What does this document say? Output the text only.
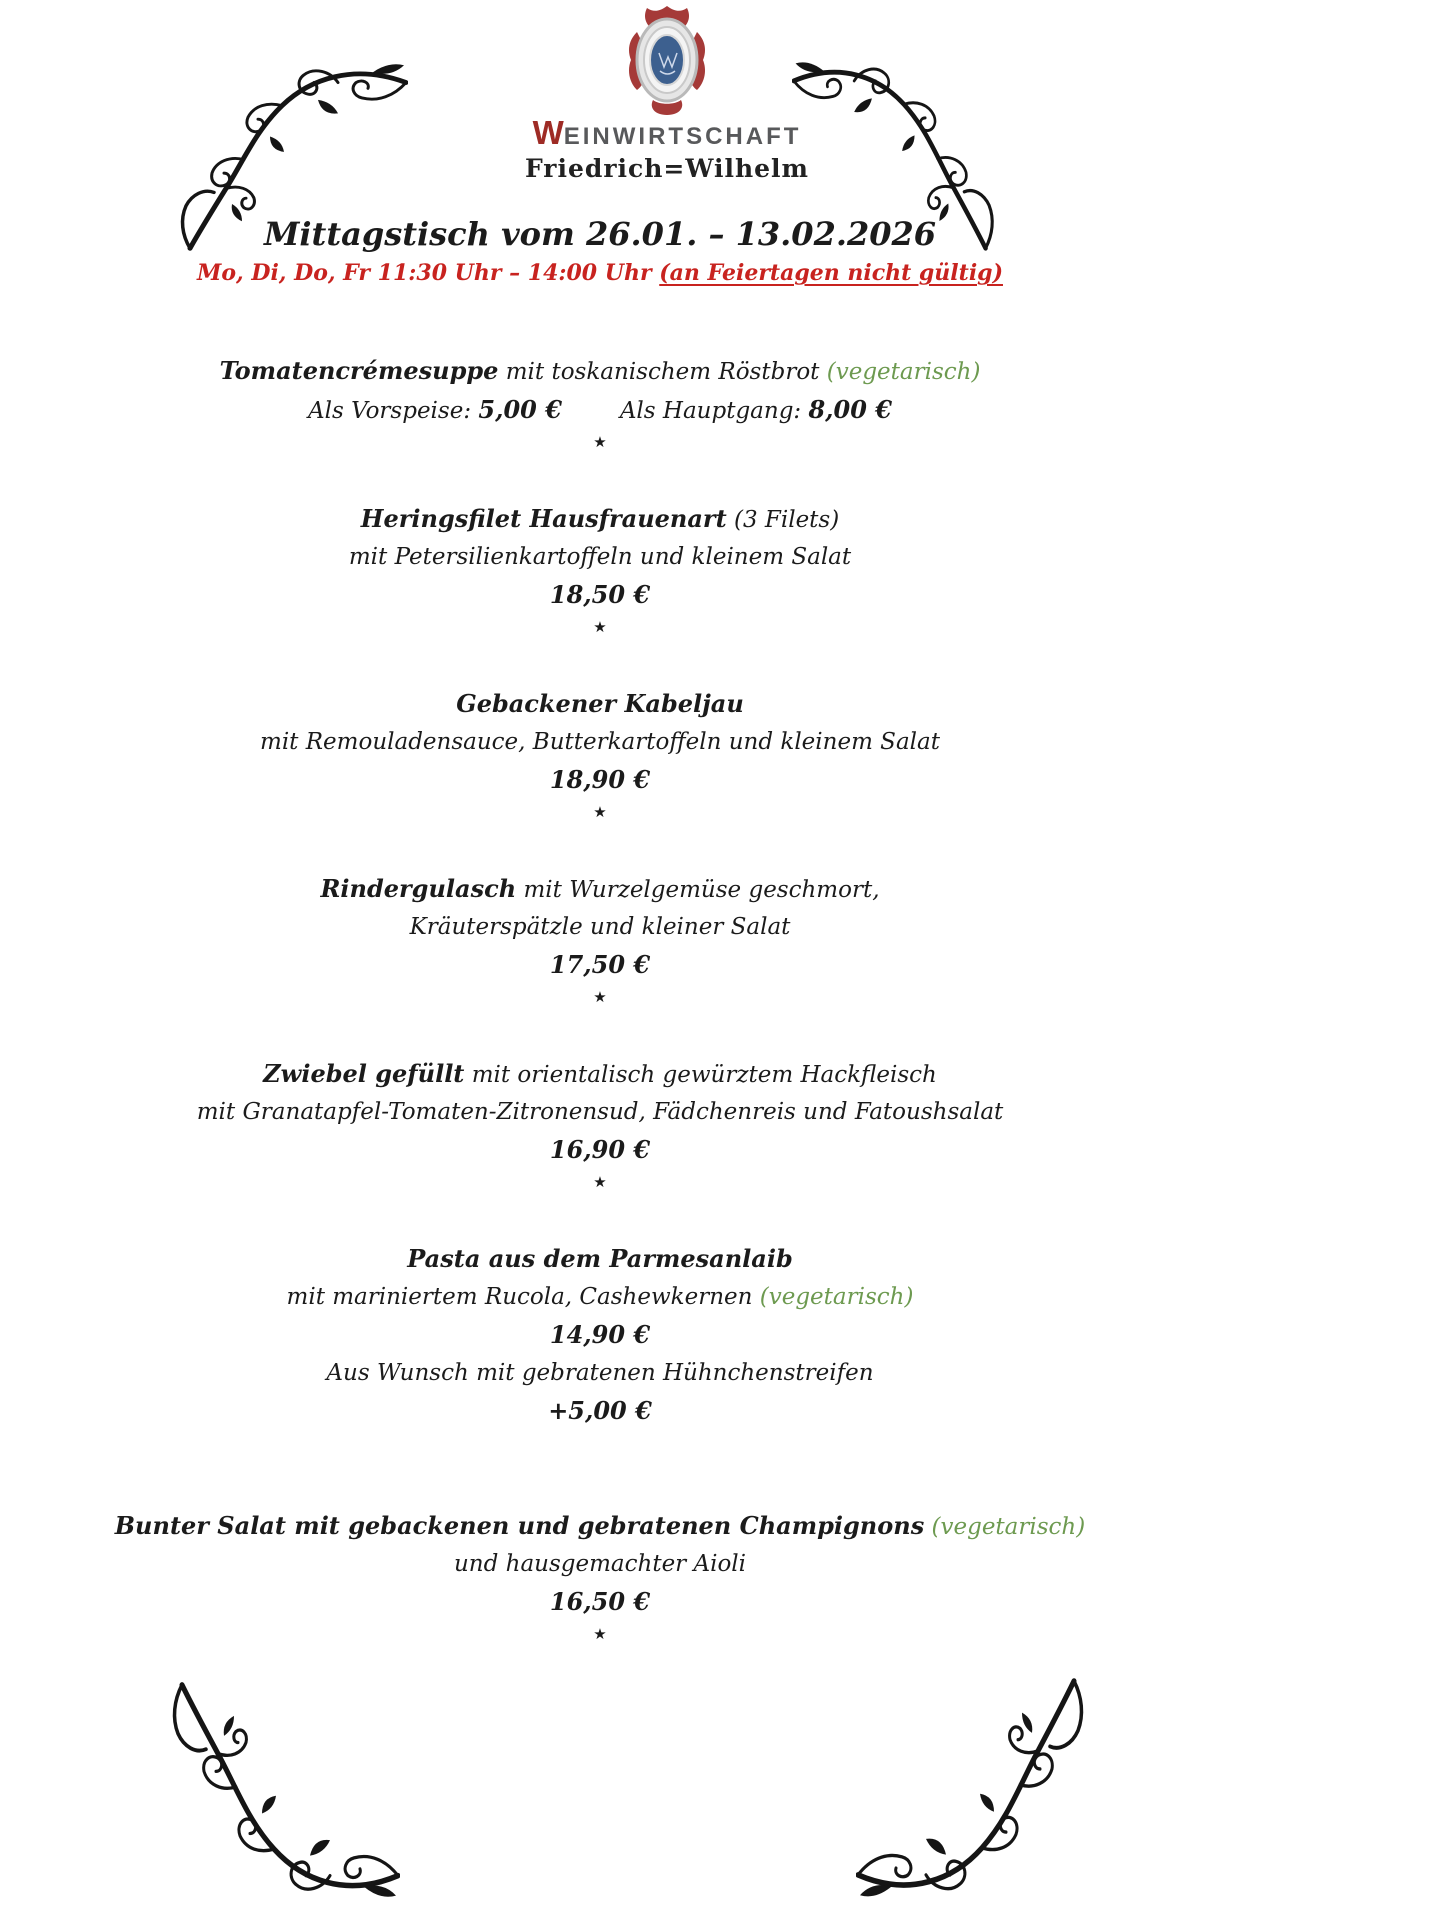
WEINWIRTSCHAFT
Friedrich=Wilhelm
Mittagstisch vom 26.01. – 13.02.2026

Mo, Di, Do, Fr 11:30 Uhr – 14:00 Uhr (an Feiertagen nicht gültig)

Tomatencrémesuppe mit toskanischem Röstbrot (vegetarisch)

Als Vorspeise: 5,00 €	Als Hauptgang: 8,00 €

★

Heringsfilet Hausfrauenart (3 Filets)

mit Petersilienkartoffeln und kleinem Salat

18,50 €

★

Gebackener Kabeljau

mit Remouladensauce, Butterkartoffeln und kleinem Salat

18,90 €

★

Rindergulasch mit Wurzelgemüse geschmort,

Kräuterspätzle und kleiner Salat

17,50 €

★

Zwiebel gefüllt mit orientalisch gewürztem Hackfleisch

mit Granatapfel-Tomaten-Zitronensud, Fädchenreis und Fatoushsalat

16,90 €

★

Pasta aus dem Parmesanlaib

mit mariniertem Rucola, Cashewkernen (vegetarisch)

14,90 €

Aus Wunsch mit gebratenen Hühnchenstreifen

+5,00 €

Bunter Salat mit gebackenen und gebratenen Champignons (vegetarisch)

und hausgemachter Aioli

16,50 €

★
